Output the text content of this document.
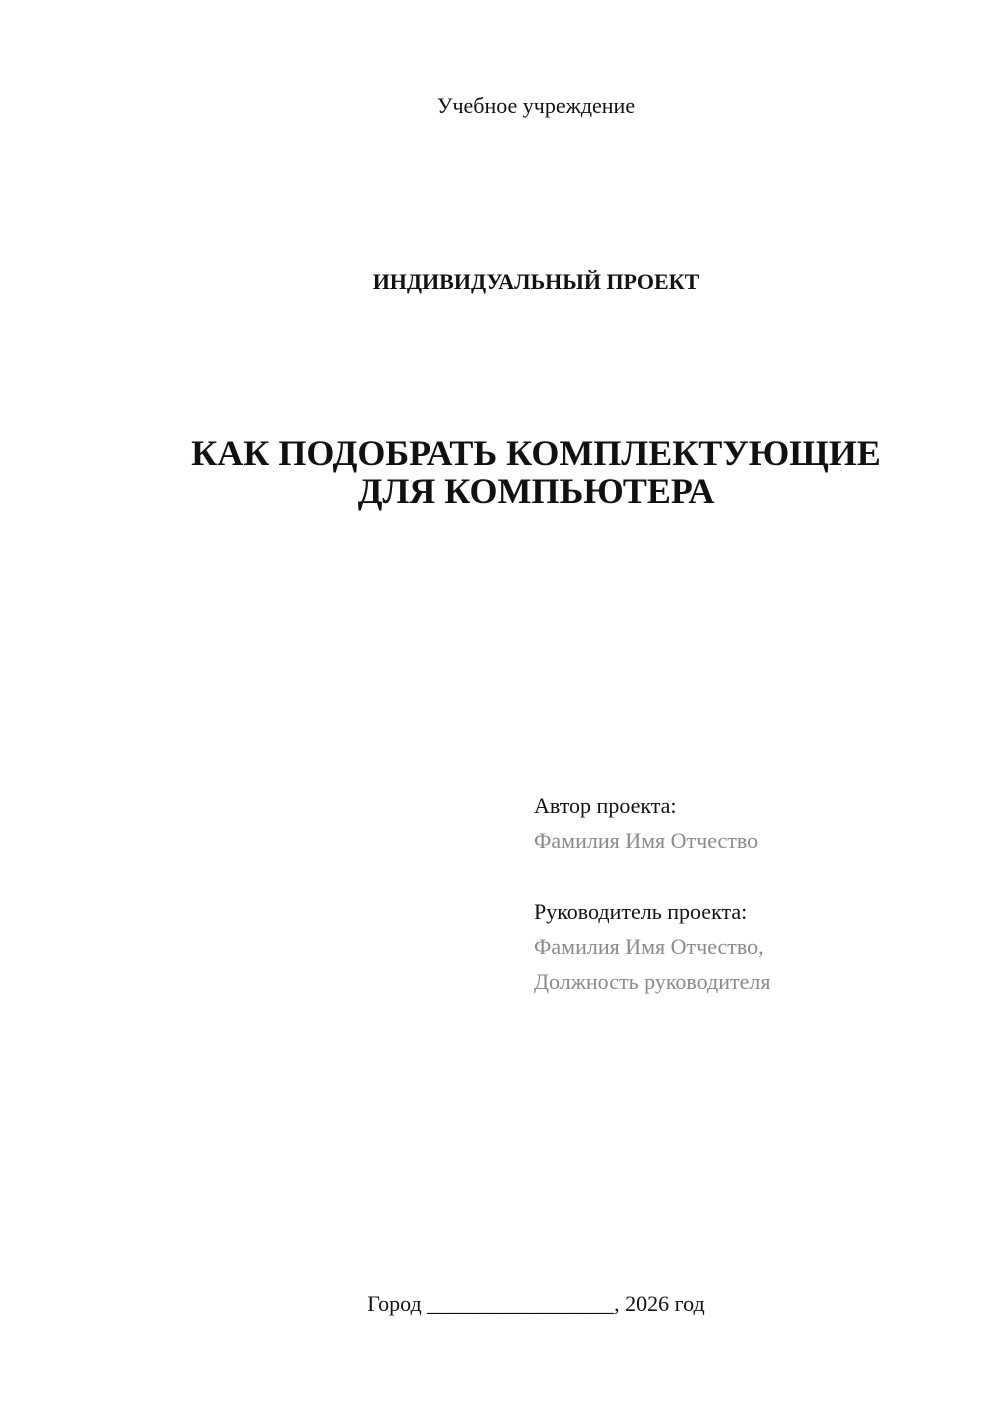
Учебное учреждение
ИНДИВИДУАЛЬНЫЙ ПРОЕКТ
КАК ПОДОБРАТЬ КОМПЛЕКТУЮЩИЕ
ДЛЯ КОМПЬЮТЕРА
Автор проекта:
Фамилия Имя Отчество
Руководитель проекта:
Фамилия Имя Отчество,
Должность руководителя
Город _________________, 2026 год
